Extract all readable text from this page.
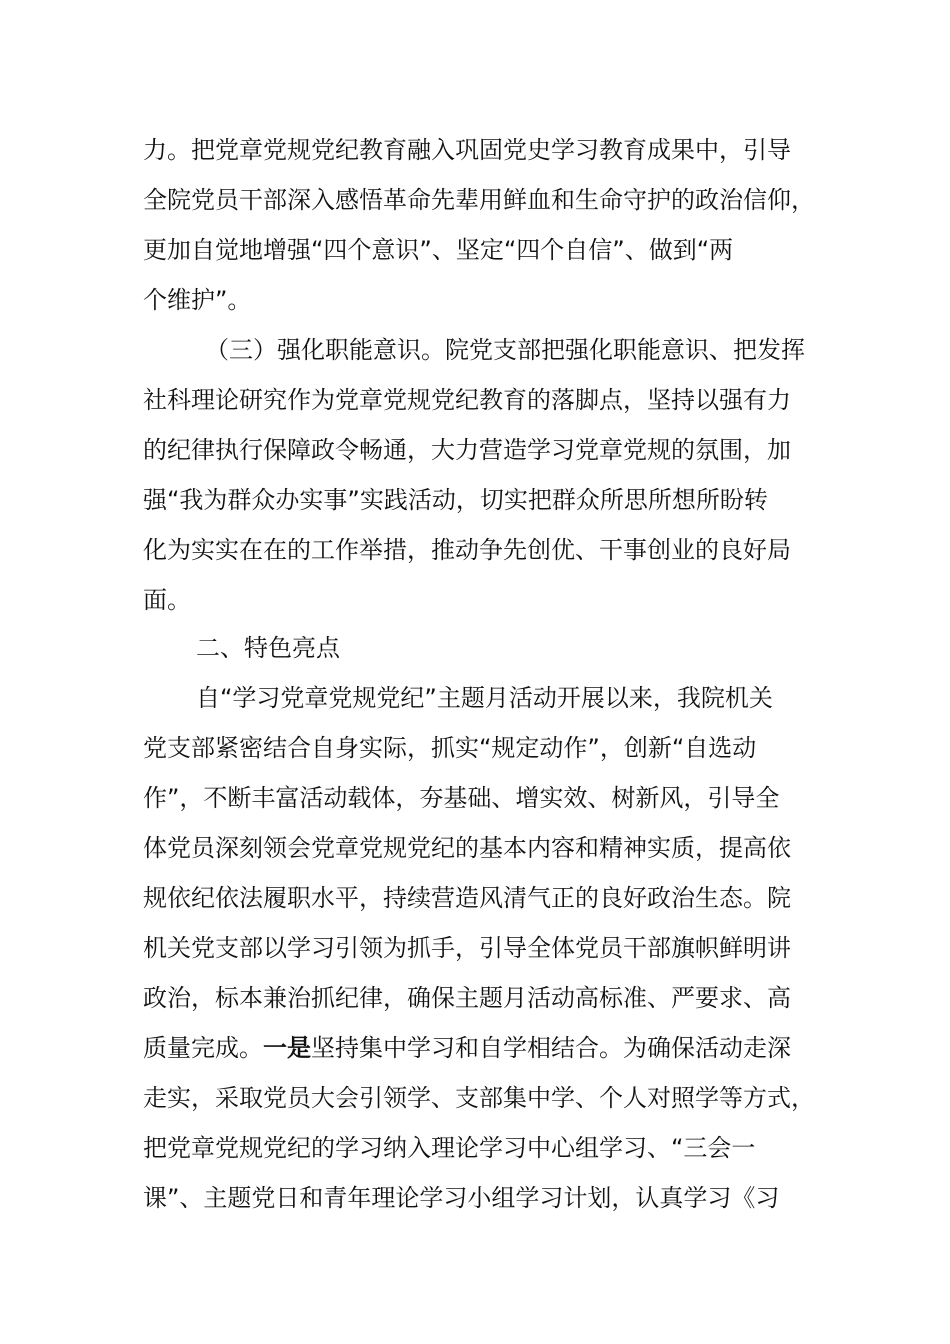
力。把党章党规党纪教育融入巩固党史学习教育成果中，引导
全院党员干部深入感悟革命先辈用鲜血和生命守护的政治信仰，
更加自觉地增强“四个意识”、坚定“四个自信”、做到“两
个维护”。
（三）强化职能意识。院党支部把强化职能意识、把发挥
社科理论研究作为党章党规党纪教育的落脚点，坚持以强有力
的纪律执行保障政令畅通，大力营造学习党章党规的氛围，加
强“我为群众办实事”实践活动，切实把群众所思所想所盼转
化为实实在在的工作举措，推动争先创优、干事创业的良好局
面。
二、特色亮点
自“学习党章党规党纪”主题月活动开展以来，我院机关
党支部紧密结合自身实际，抓实“规定动作”，创新“自选动
作”，不断丰富活动载体，夯基础、增实效、树新风，引导全
体党员深刻领会党章党规党纪的基本内容和精神实质，提高依
规依纪依法履职水平，持续营造风清气正的良好政治生态。院
机关党支部以学习引领为抓手，引导全体党员干部旗帜鲜明讲
政治，标本兼治抓纪律，确保主题月活动高标准、严要求、高
质量完成。一是坚持集中学习和自学相结合。为确保活动走深
走实，采取党员大会引领学、支部集中学、个人对照学等方式，
把党章党规党纪的学习纳入理论学习中心组学习、“三会一
课”、主题党日和青年理论学习小组学习计划，认真学习《习
